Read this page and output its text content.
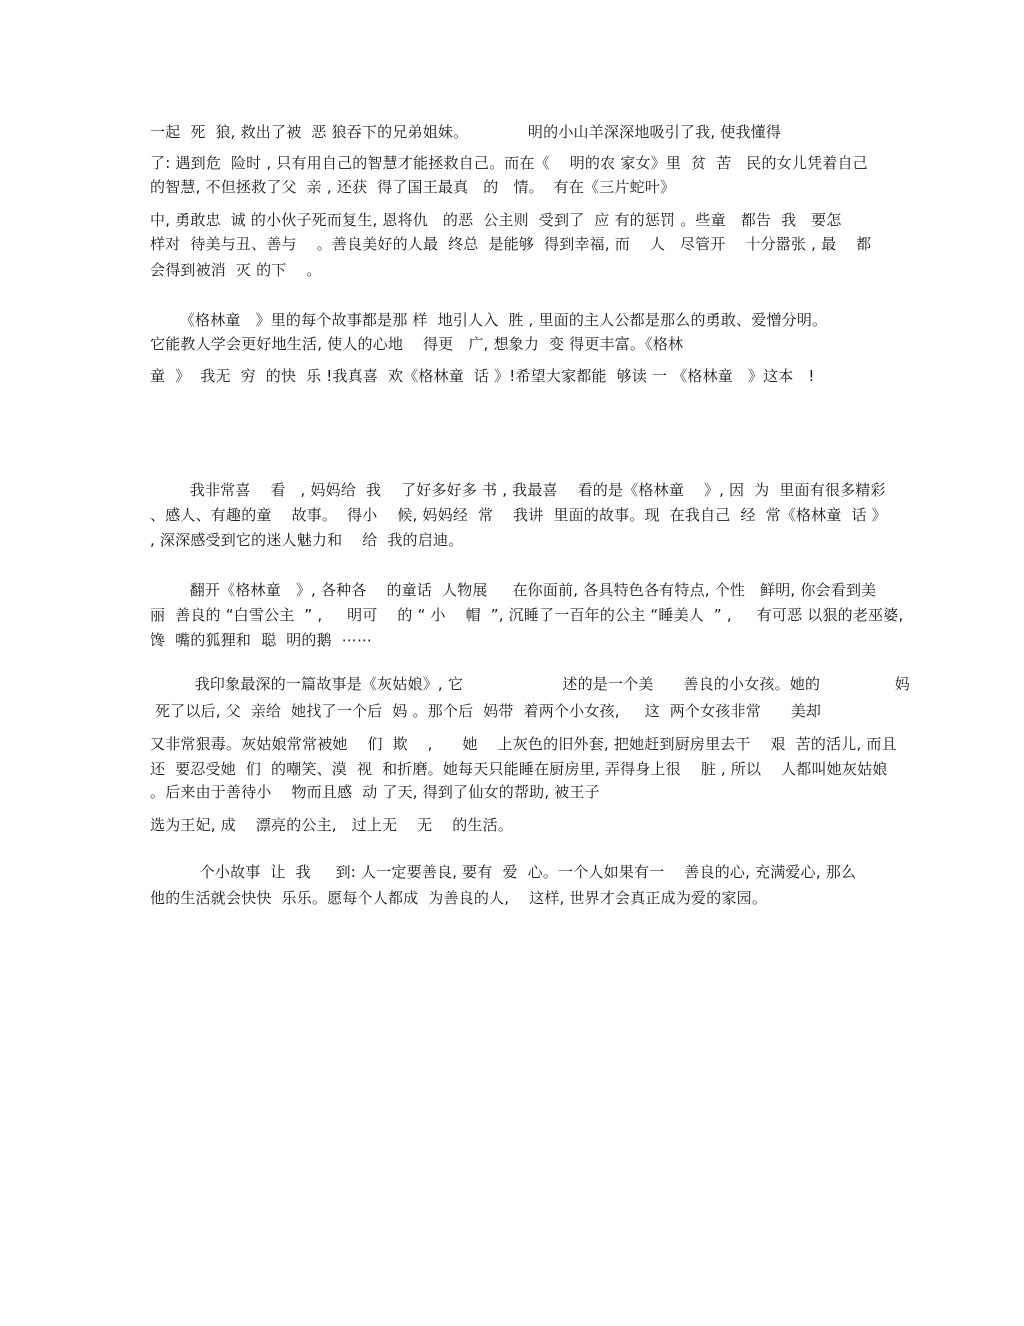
一起  死  狼, 救出了被  恶 狼吞下的兄弟姐妹。            明的小山羊深深地吸引了我, 使我懂得
了: 遇到危  险时 , 只有用自己的智慧才能拯救自己。而在《    明的农 家女》里  贫  苦   民的女儿凭着自己
的智慧, 不但拯救了父  亲 , 还获  得了国王最真   的   情。  有在《三片蛇叶》
中, 勇敢忠  诚 的小伙子死而复生, 恩将仇   的恶  公主则  受到了  应 有的惩罚 。些童   都告  我   要怎
样对  待美与丑、善与    。善良美好的人最  终总  是能够  得到幸福, 而    人   尽管开    十分嚣张 , 最    都
会得到被消  灭 的下    。
《格林童   》里的每个故事都是那 样  地引人入  胜 , 里面的主人公都是那么的勇敢、爱憎分明。
它能教人学会更好地生活, 使人的心地    得更   广, 想象力  变 得更丰富。《格林
童  》  我无  穷  的快  乐 !我真喜  欢《格林童  话 》!希望大家都能  够读 一 《格林童   》这本   !
我非常喜    看   , 妈妈给  我    了好多好多 书 , 我最喜    看的是《格林童    》, 因  为  里面有很多精彩
、感人、有趣的童    故事。  得小    候, 妈妈经  常    我讲  里面的故事。现  在我自己  经  常《格林童  话 》
, 深深感受到它的迷人魅力和    给  我的启迪。
翻开《格林童   》, 各种各    的童话  人物展     在你面前, 各具特色各有特点, 个性   鲜明, 你会看到美
丽  善良的 “白雪公主  ” ,     明可    的 “ 小    帽  ”, 沉睡了一百年的公主 “睡美人  ” ,     有可恶 以狠的老巫婆,
馋  嘴的狐狸和  聪  明的鹅  ⋯⋯
我印象最深的一篇故事是《灰姑娘》, 它                    述的是一个美      善良的小女孩。她的               妈
死了以后, 父  亲给  她找了一个后  妈 。那个后  妈带  着两个小女孩,     这  两个女孩非常      美却
又非常狠毒。灰姑娘常常被她    们  欺    ,      她    上灰色的旧外套, 把她赶到厨房里去干    艰  苦的活儿, 而且
还  要忍受她  们  的嘲笑、漠  视  和折磨。她每天只能睡在厨房里, 弄得身上很    脏 , 所以    人都叫她灰姑娘
。后来由于善待小    物而且感  动 了天, 得到了仙女的帮助, 被王子
选为王妃, 成    漂亮的公主,   过上无    无    的生活。
个小故事  让  我     到: 人一定要善良, 要有  爱  心。一个人如果有一    善良的心, 充满爱心, 那么
他的生活就会快快  乐乐。愿每个人都成  为善良的人,    这样, 世界才会真正成为爱的家园。
